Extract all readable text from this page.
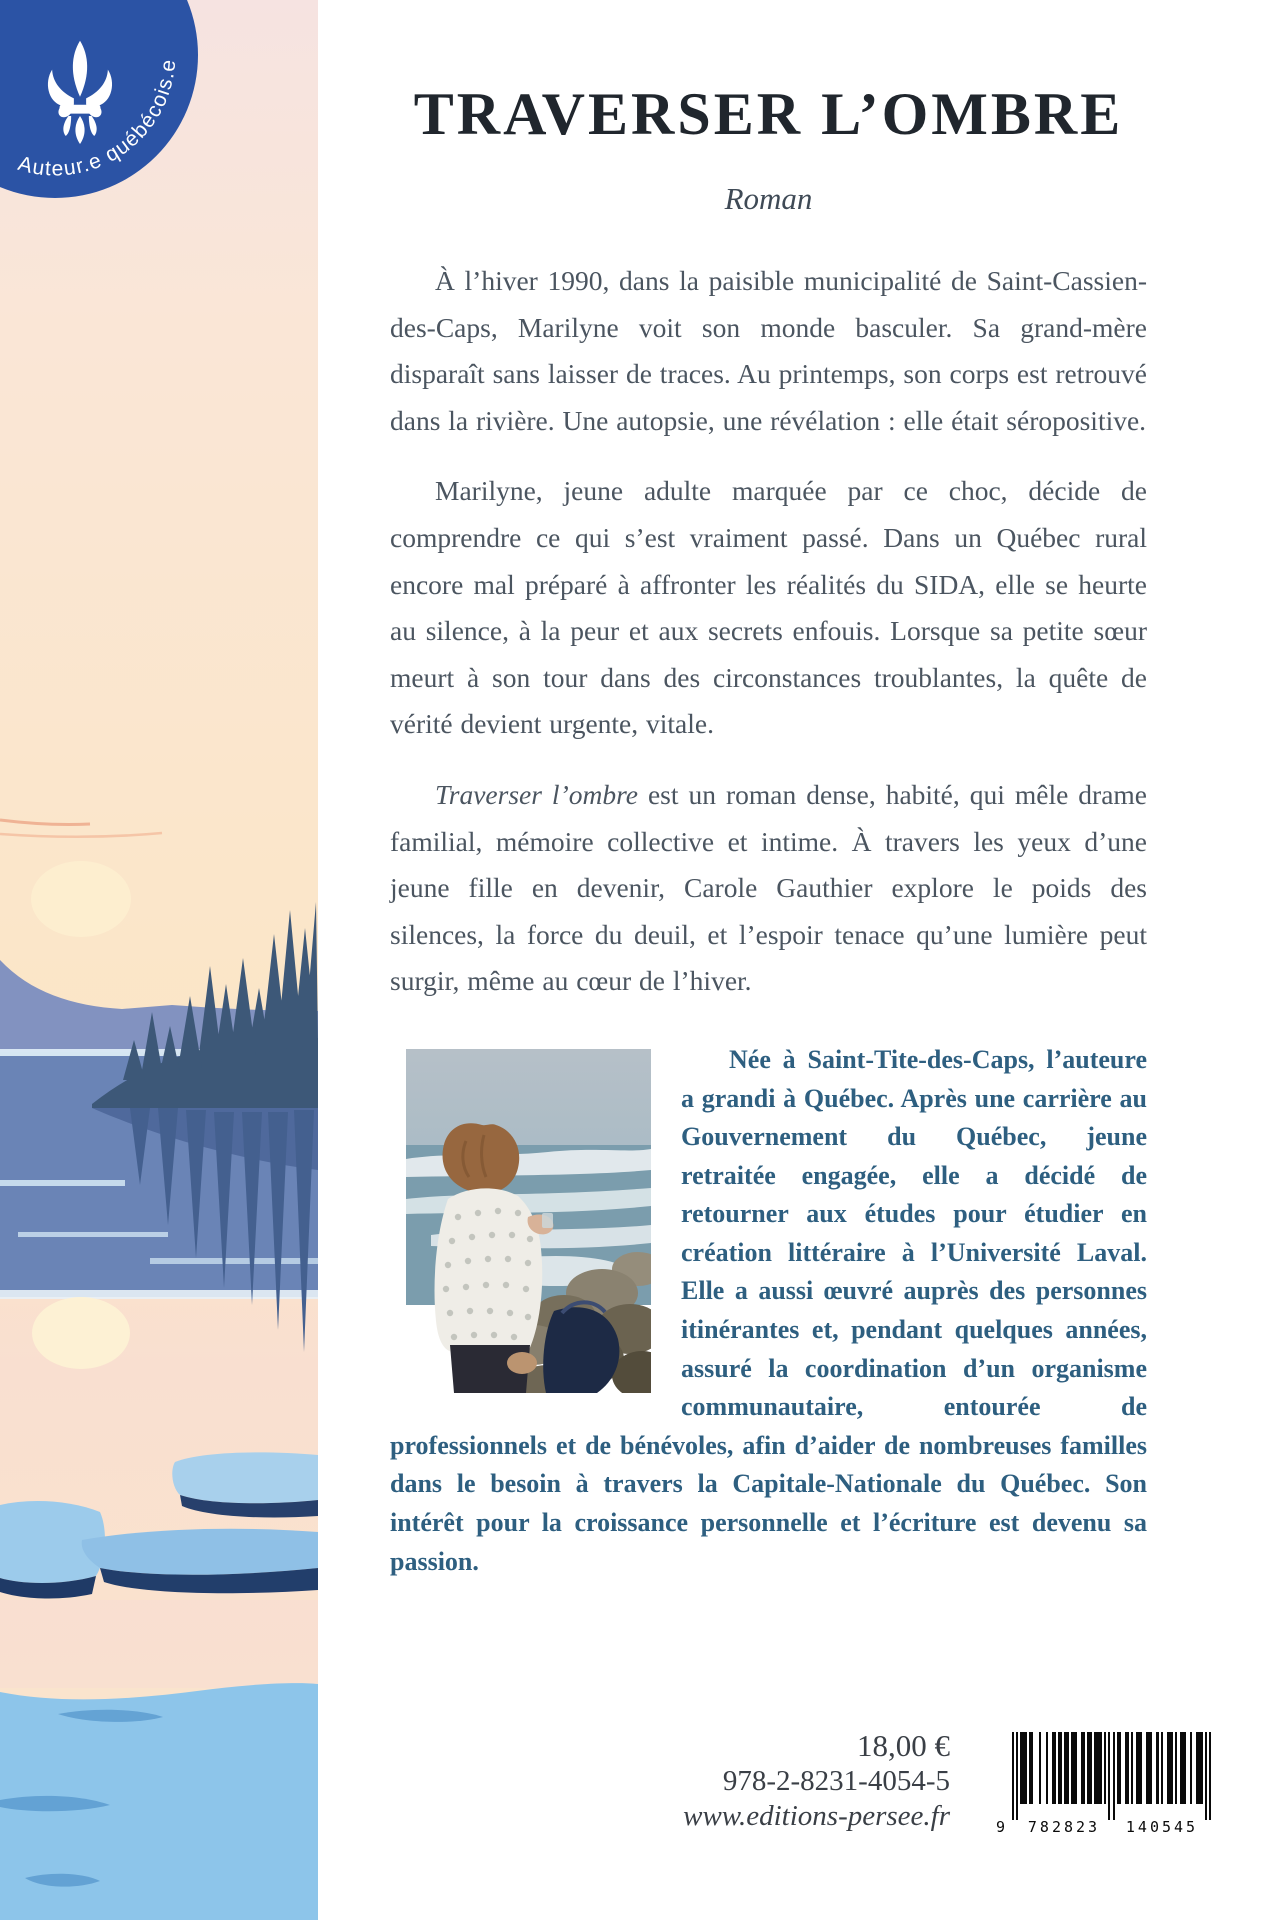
Auteur.e québécois.e
TRAVERSER L’OMBRE
Roman

À l’hiver 1990, dans la paisible municipalité de Saint-Cassien-des-Caps, Marilyne voit son monde basculer. Sa grand-mère disparaît sans laisser de traces. Au printemps, son corps est retrouvé dans la rivière. Une autopsie, une révélation : elle était séropositive.

Marilyne, jeune adulte marquée par ce choc, décide de comprendre ce qui s’est vraiment passé. Dans un Québec rural encore mal préparé à affronter les réalités du SIDA, elle se heurte au silence, à la peur et aux secrets enfouis. Lorsque sa petite sœur meurt à son tour dans des circonstances troublantes, la quête de vérité devient urgente, vitale.

Traverser l’ombre est un roman dense, habité, qui mêle drame familial, mémoire collective et intime. À travers les yeux d’une jeune fille en devenir, Carole Gauthier explore le poids des silences, la force du deuil, et l’espoir tenace qu’une lumière peut surgir, même au cœur de l’hiver.

Née à Saint-Tite-des-Caps, l’auteure a grandi à Québec. Après une carrière au Gouvernement du Québec, jeune retraitée engagée, elle a décidé de retourner aux études pour étudier en création littéraire à l’Université Laval. Elle a aussi œuvré auprès des personnes itinérantes et, pendant quelques années, assuré la coordination d’un organisme communautaire, entourée de professionnels et de bénévoles, afin d’aider de nombreuses familles dans le besoin à travers la Capitale-Nationale du Québec. Son intérêt pour la croissance personnelle et l’écriture est devenu sa passion.

18,00 €
978-2-8231-4054-5
www.editions-persee.fr	9	782823	140545
